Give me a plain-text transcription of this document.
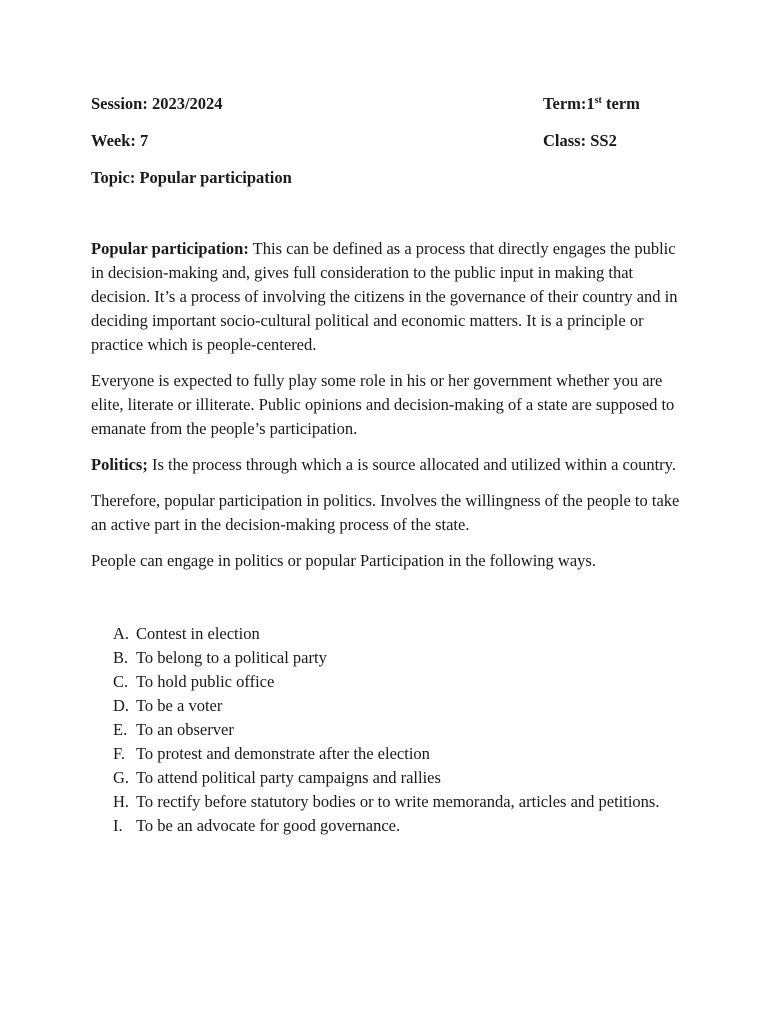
Session: 2023/2024	Term:1st term
Week: 7	Class: SS2
Topic: Popular participation

Popular participation: This can be defined as a process that directly engages the public in decision-making and, gives full consideration to the public input in making that decision. It’s a process of involving the citizens in the governance of their country and in deciding important socio-cultural political and economic matters. It is a principle or practice which is people-centered.

Everyone is expected to fully play some role in his or her government whether you are elite, literate or illiterate. Public opinions and decision-making of a state are supposed to emanate from the people’s participation.

Politics; Is the process through which a is source allocated and utilized within a country.

Therefore, popular participation in politics. Involves the willingness of the people to take an active part in the decision-making process of the state.

People can engage in politics or popular Participation in the following ways.

A. Contest in election
B. To belong to a political party
C. To hold public office
D. To be a voter
E. To an observer
F. To protest and demonstrate after the election
G. To attend political party campaigns and rallies
H. To rectify before statutory bodies or to write memoranda, articles and petitions.
I. To be an advocate for good governance.
